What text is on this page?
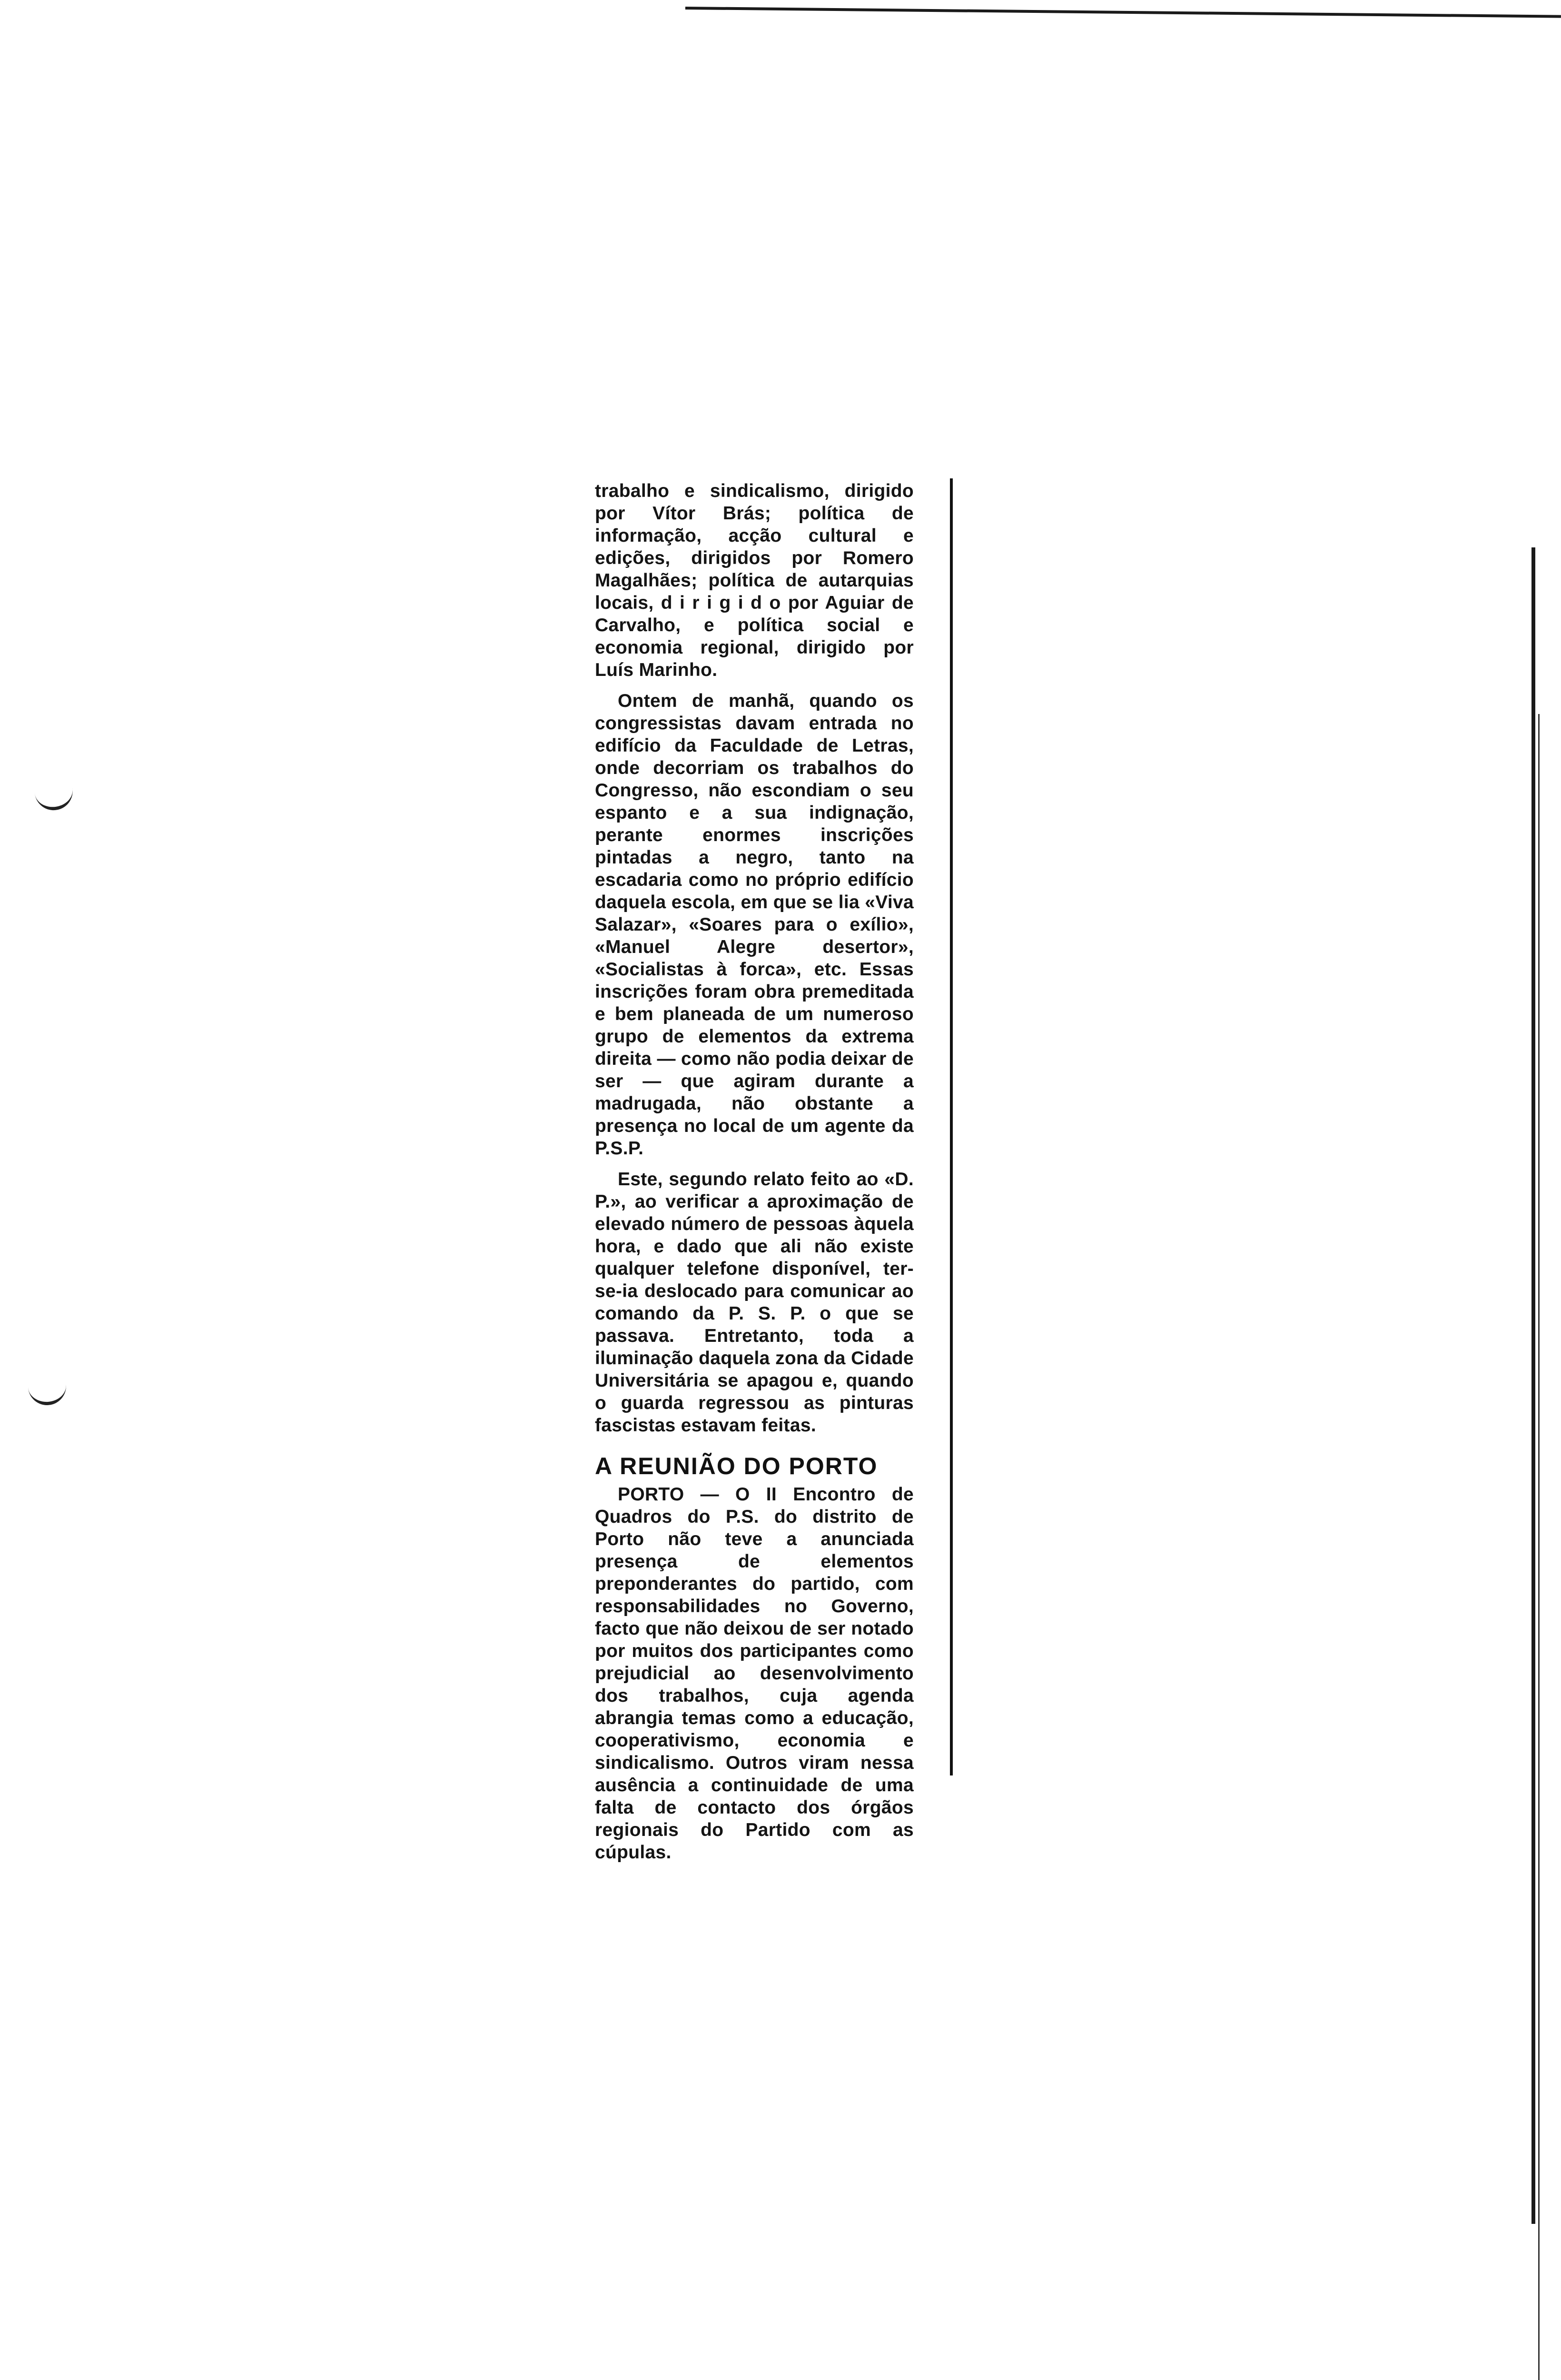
trabalho e sindicalismo, dirigido por Vítor Brás; política de informação, acção cultural e edições, dirigidos por Romero Magalhães; política de autarquias locais, d i r i g i d o por Aguiar de Carvalho, e política social e economia regional, dirigido por Luís Marinho.

Ontem de manhã, quando os congressistas davam entrada no edifício da Faculdade de Letras, onde decorriam os trabalhos do Congresso, não escondiam o seu espanto e a sua indignação, perante enormes inscrições pintadas a negro, tanto na escadaria como no próprio edifício daquela escola, em que se lia «Viva Salazar», «Soares para o exílio», «Manuel Alegre desertor», «Socialistas à forca», etc. Essas inscrições foram obra premeditada e bem planeada de um numeroso grupo de elementos da extrema direita — como não podia deixar de ser — que agiram durante a madrugada, não obstante a presença no local de um agente da P.S.P.

Este, segundo relato feito ao «D. P.», ao verificar a aproximação de elevado número de pessoas àquela hora, e dado que ali não existe qualquer telefone disponível, ter-se-ia deslocado para comunicar ao comando da P. S. P. o que se passava. Entretanto, toda a iluminação daquela zona da Cidade Universitária se apagou e, quando o guarda regressou as pinturas fascistas estavam feitas.

A REUNIÃO DO PORTO

PORTO — O II Encontro de Quadros do P.S. do distrito de Porto não teve a anunciada presença de elementos preponderantes do partido, com responsabilidades no Governo, facto que não deixou de ser notado por muitos dos participantes como prejudicial ao desenvolvimento dos trabalhos, cuja agenda abrangia temas como a educação, cooperativismo, economia e sindicalismo. Outros viram nessa ausência a continuidade de uma falta de contacto dos órgãos regionais do Partido com as cúpulas.
